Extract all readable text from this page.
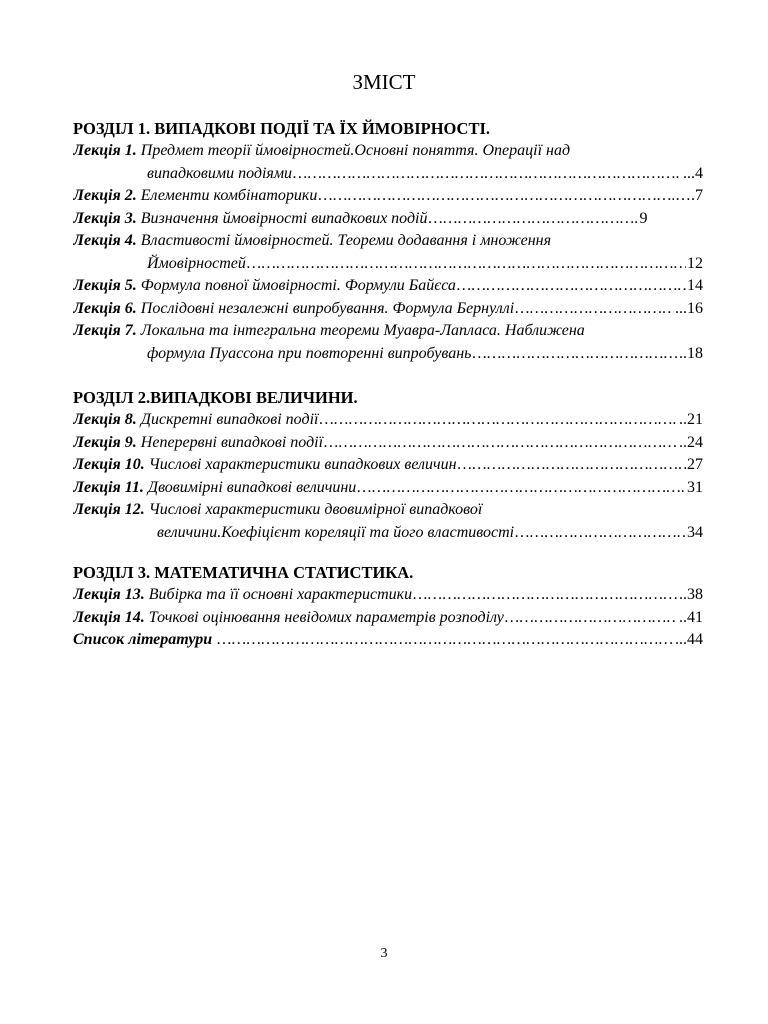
ЗМІСТ
РОЗДІЛ 1. ВИПАДКОВІ ПОДІЇ ТА ЇХ ЙМОВІРНОСТІ.
Лекція 1. Предмет теорії ймовірностей.Основні поняття. Операції над
випадковими подіями ……………………………………………………………………………………………………………………………………………………………………	...4
Лекція 2. Елементи комбінаторики ……………………………………………………………………………………………………………………………………………………………………	….7
Лекція 3. Визначення ймовірності випадкових подій ……………………………………………………………………………………………………………………………………………………………………	9
Лекція 4. Властивості ймовірностей. Теореми додавання і множення
Ймовірностей ……………………………………………………………………………………………………………………………………………………………………	12
Лекція 5. Формула повної ймовірності. Формули Байєса ……………………………………………………………………………………………………………………………………………………………………	14
Лекція 6. Послідовні незалежні випробування. Формула Бернуллі ……………………………………………………………………………………………………………………………………………………………………	...16
Лекція 7. Локальна та інтегральна теореми Муавра-Лапласа. Наближена
формула Пуассона при повторенні випробувань ……………………………………………………………………………………………………………………………………………………………………	..18
РОЗДІЛ 2.ВИПАДКОВІ ВЕЛИЧИНИ.
Лекція 8. Дискретні випадкові події ……………………………………………………………………………………………………………………………………………………………………	..21
Лекція 9. Неперервні випадкові події ……………………………………………………………………………………………………………………………………………………………………	..24
Лекція 10. Числові характеристики випадкових величин ……………………………………………………………………………………………………………………………………………………………………	27
Лекція 11. Двовимірні випадкові величини ……………………………………………………………………………………………………………………………………………………………………	31
Лекція 12. Числові характеристики двовимірної випадкової
величини.Коефіцієнт кореляції та його властивості ……………………………………………………………………………………………………………………………………………………………………	34
РОЗДІЛ 3. МАТЕМАТИЧНА СТАТИСТИКА.
Лекція 13. Вибірка та її основні характеристики ……………………………………………………………………………………………………………………………………………………………………	..38
Лекція 14. Точкові оцінювання невідомих параметрів розподілу ……………………………………………………………………………………………………………………………………………………………………	..41
Список літератури ……………………………………………………………………………………………………………………………………………………………………	...44
3
